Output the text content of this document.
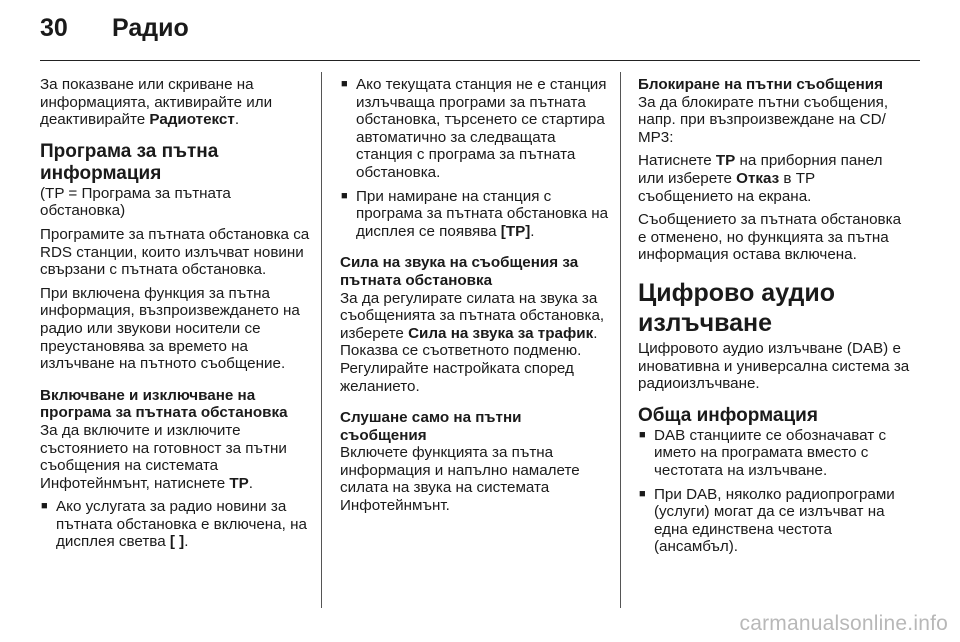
30	Радио

За показване или скриване на информацията, активирайте или деактивирайте Радиотекст.

Програма за пътна информация

(TP = Програма за пътната обстановка)

Програмите за пътната обстановка са RDS станции, които излъчват новини свързани с пътната обстановка.

При включена функция за пътна информация, възпроизвеждането на радио или звукови носители се преустановява за времето на излъчване на пътното съобщение.

Включване и изключване на програма за пътната обстановка

За да включите и изключите състоянието на готовност за пътни съобщения на системата Инфотейнмънт, натиснете TP.

■ Ако услугата за радио новини за пътната обстановка е включена, на дисплея светва [ ].
■ Ако текущата станция не е станция излъчваща програми за пътната обстановка, търсенето се стартира автоматично за следващата станция с програма за пътната обстановка.
■ При намиране на станция с програма за пътната обстановка на дисплея се появява [TP].
Сила на звука на съобщения за пътната обстановка

За да регулирате силата на звука за съобщенията за пътната обстановка, изберете Сила на звука за трафик. Показва се съответното подменю.

Регулирайте настройката според желанието.

Слушане само на пътни съобщения

Включете функцията за пътна информация и напълно намалете силата на звука на системата Инфотейнмънт.

Блокиране на пътни съобщения

За да блокирате пътни съобщения, напр. при възпроизвеждане на CD/ MP3:

Натиснете TP на приборния панел или изберете Отказ в TP съобщението на екрана.

Съобщението за пътната обстановка е отменено, но функцията за пътна информация остава включена.

Цифрово аудио излъчване

Цифровото аудио излъчване (DAB) е иновативна и универсална система за радиоизлъчване.

Обща информация
■ DAB станциите се обозначават с името на програмата вместо с честотата на излъчване.
■ При DAB, няколко радиопрограми (услуги) могат да се излъчват на една единствена честота (ансамбъл).
carmanualsonline.info
